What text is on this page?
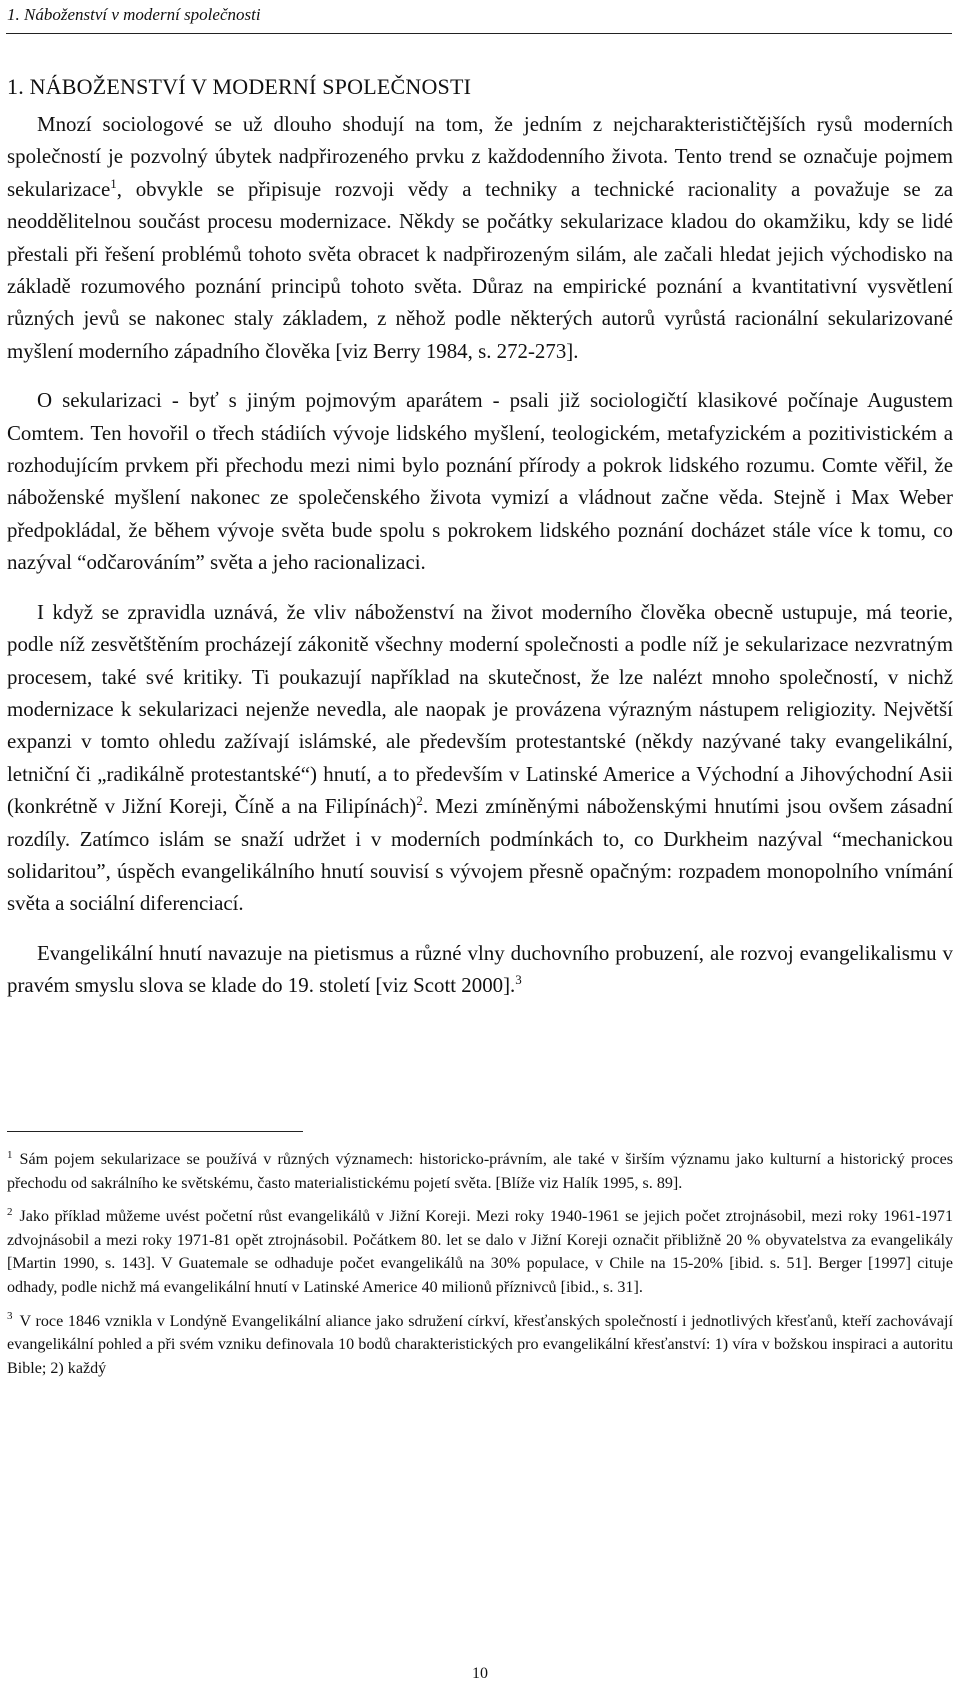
1. Náboženství v moderní společnosti
1. NÁBOŽENSTVÍ V MODERNÍ SPOLEČNOSTI

Mnozí sociologové se už dlouho shodují na tom, že jedním z nejcharakterističtějších rysů moderních společností je pozvolný úbytek nadpřirozeného prvku z každodenního života. Tento trend se označuje pojmem sekularizace$^1$, obvykle se připisuje rozvoji vědy a techniky a technické racionality a považuje se za neoddělitelnou součást procesu modernizace. Někdy se počátky sekularizace kladou do okamžiku, kdy se lidé přestali při řešení problémů tohoto světa obracet k nadpřirozeným silám, ale začali hledat jejich východisko na základě rozumového poznání principů tohoto světa. Důraz na empirické poznání a kvantitativní vysvětlení různých jevů se nakonec staly základem, z něhož podle některých autorů vyrůstá racionální sekularizované myšlení moderního západního člověka [viz Berry 1984, s. 272-273].

O sekularizaci - byť s jiným pojmovým aparátem - psali již sociologičtí klasikové počínaje Augustem Comtem. Ten hovořil o třech stádiích vývoje lidského myšlení, teologickém, metafyzickém a pozitivistickém a rozhodujícím prvkem při přechodu mezi nimi bylo poznání přírody a pokrok lidského rozumu. Comte věřil, že náboženské myšlení nakonec ze společenského života vymizí a vládnout začne věda. Stejně i Max Weber předpokládal, že během vývoje světa bude spolu s pokrokem lidského poznání docházet stále více k tomu, co nazýval “odčarováním” světa a jeho racionalizaci.

I když se zpravidla uznává, že vliv náboženství na život moderního člověka obecně ustupuje, má teorie, podle níž zesvětštěním procházejí zákonitě všechny moderní společnosti a podle níž je sekularizace nezvratným procesem, také své kritiky. Ti poukazují například na skutečnost, že lze nalézt mnoho společností, v nichž modernizace k sekularizaci nejenže nevedla, ale naopak je provázena výrazným nástupem religiozity. Největší expanzi v tomto ohledu zažívají islámské, ale především protestantské (někdy nazývané taky evangelikální, letniční či „radikálně protestantské“) hnutí, a to především v Latinské Americe a Východní a Jihovýchodní Asii (konkrétně v Jižní Koreji, Číně a na Filipínách)$^2$. Mezi zmíněnými náboženskými hnutími jsou ovšem zásadní rozdíly. Zatímco islám se snaží udržet i v moderních podmínkách to, co Durkheim nazýval “mechanickou solidaritou”, úspěch evangelikálního hnutí souvisí s vývojem přesně opačným: rozpadem monopolního vnímání světa a sociální diferenciací.

Evangelikální hnutí navazuje na pietismus a různé vlny duchovního probuzení, ale rozvoj evangelikalismu v pravém smyslu slova se klade do 19. století [viz Scott 2000].$^3$

$^1$ Sám pojem sekularizace se používá v různých významech: historicko-právním, ale také v širším významu jako kulturní a historický proces přechodu od sakrálního ke světskému, často materialistickému pojetí světa. [Blíže viz Halík 1995, s. 89].

$^2$ Jako příklad můžeme uvést početní růst evangelikálů v Jižní Koreji. Mezi roky 1940-1961 se jejich počet ztrojnásobil, mezi roky 1961-1971 zdvojnásobil a mezi roky 1971-81 opět ztrojnásobil. Počátkem 80. let se dalo v Jižní Koreji označit přibližně 20 % obyvatelstva za evangelikály [Martin 1990, s. 143]. V Guatemale se odhaduje počet evangelikálů na 30% populace, v Chile na 15-20% [ibid. s. 51]. Berger [1997] cituje odhady, podle nichž má evangelikální hnutí v Latinské Americe 40 milionů příznivců [ibid., s. 31].

$^3$ V roce 1846 vznikla v Londýně Evangelikální aliance jako sdružení církví, křesťanských společností i jednotlivých křesťanů, kteří zachovávají evangelikální pohled a při svém vzniku definovala 10 bodů charakteristických pro evangelikální křesťanství: 1) víra v božskou inspiraci a autoritu Bible; 2) každý

10
